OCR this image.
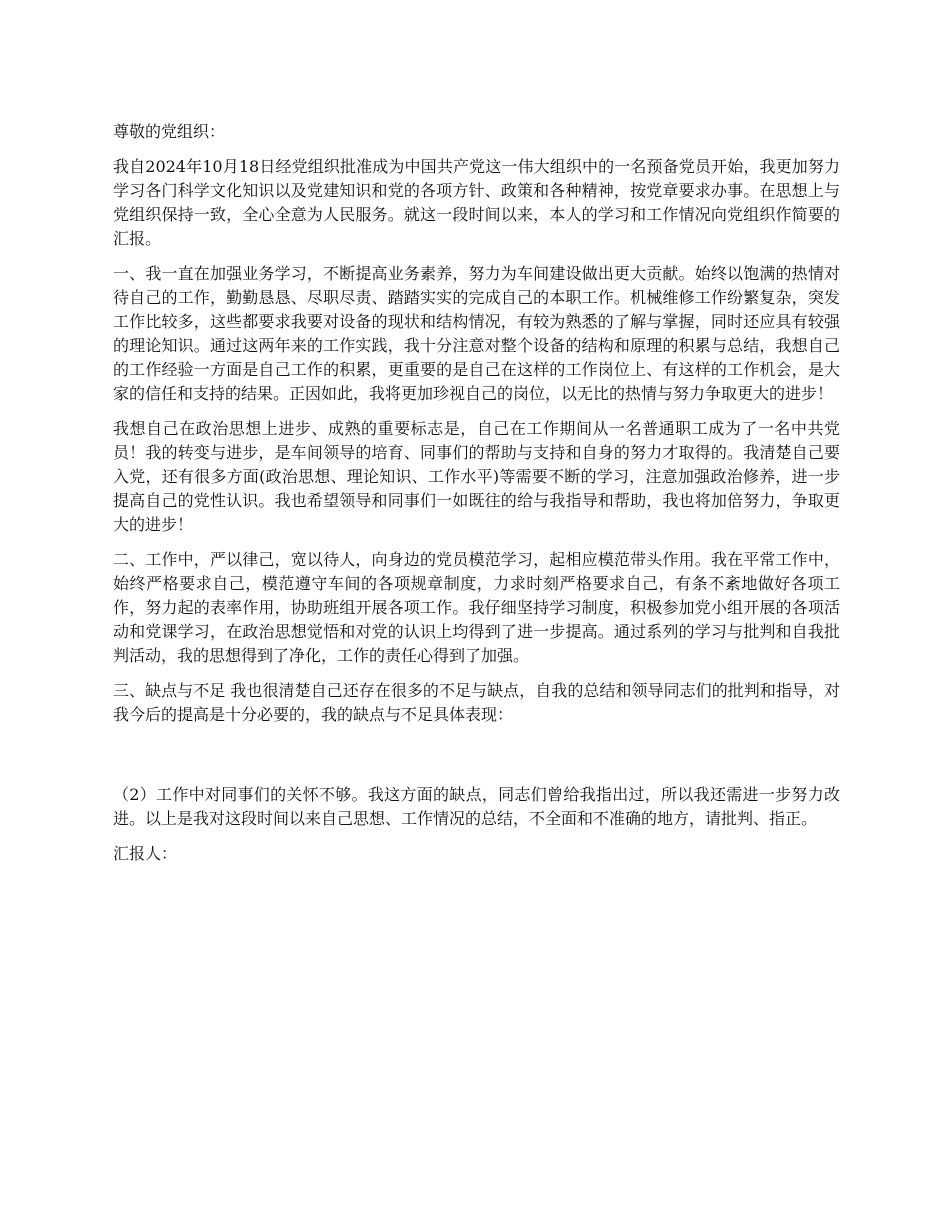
尊敬的党组织：

我自2024年10月18日经党组织批准成为中国共产党这一伟大组织中的一名预备党员开始，我更加努力学习各门科学文化知识以及党建知识和党的各项方针、政策和各种精神，按党章要求办事。在思想上与党组织保持一致，全心全意为人民服务。就这一段时间以来，本人的学习和工作情况向党组织作简要的汇报。

一、我一直在加强业务学习，不断提高业务素养，努力为车间建设做出更大贡献。始终以饱满的热情对待自己的工作，勤勤恳恳、尽职尽责、踏踏实实的完成自己的本职工作。机械维修工作纷繁复杂，突发工作比较多，这些都要求我要对设备的现状和结构情况，有较为熟悉的了解与掌握，同时还应具有较强的理论知识。通过这两年来的工作实践，我十分注意对整个设备的结构和原理的积累与总结，我想自己的工作经验一方面是自己工作的积累，更重要的是自己在这样的工作岗位上、有这样的工作机会，是大家的信任和支持的结果。正因如此，我将更加珍视自己的岗位，以无比的热情与努力争取更大的进步！

我想自己在政治思想上进步、成熟的重要标志是，自己在工作期间从一名普通职工成为了一名中共党员！我的转变与进步，是车间领导的培育、同事们的帮助与支持和自身的努力才取得的。我清楚自己要入党，还有很多方面(政治思想、理论知识、工作水平)等需要不断的学习，注意加强政治修养，进一步提高自己的党性认识。我也希望领导和同事们一如既往的给与我指导和帮助，我也将加倍努力，争取更大的进步！

二、工作中，严以律己，宽以待人，向身边的党员模范学习，起相应模范带头作用。我在平常工作中，始终严格要求自己，模范遵守车间的各项规章制度，力求时刻严格要求自己，有条不紊地做好各项工作，努力起的表率作用，协助班组开展各项工作。我仔细坚持学习制度，积极参加党小组开展的各项活动和党课学习，在政治思想觉悟和对党的认识上均得到了进一步提高。通过系列的学习与批判和自我批判活动，我的思想得到了净化，工作的责任心得到了加强。

三、缺点与不足 我也很清楚自己还存在很多的不足与缺点，自我的总结和领导同志们的批判和指导，对我今后的提高是十分必要的，我的缺点与不足具体表现：

（2）工作中对同事们的关怀不够。我这方面的缺点，同志们曾给我指出过，所以我还需进一步努力改进。以上是我对这段时间以来自己思想、工作情况的总结，不全面和不准确的地方，请批判、指正。

汇报人：
